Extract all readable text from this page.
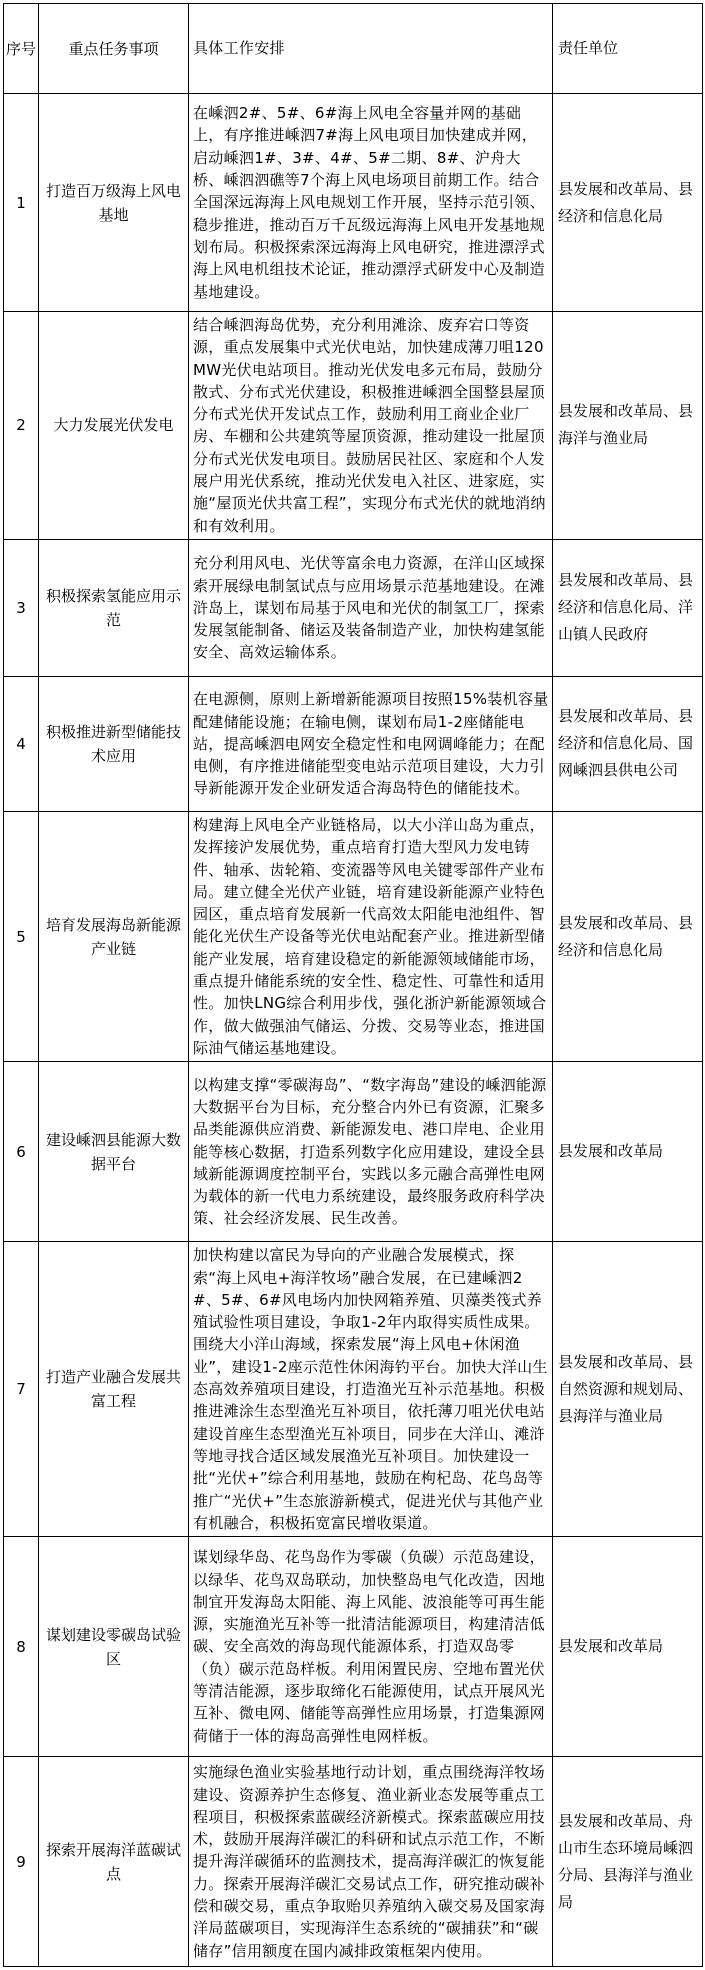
序号	重点任务事项	具体工作安排	责任单位
1	打造百万级海上风电基地	在嵊泗2#、5#、6#海上风电全容量并网的基础上，有序推进嵊泗7#海上风电项目加快建成并网，启动嵊泗1#、3#、4#、5#二期、8#、沪舟大桥、嵊泗泗礁等7个海上风电场项目前期工作。结合全国深远海海上风电规划工作开展，坚持示范引领、稳步推进，推动百万千瓦级远海海上风电开发基地规划布局。积极探索深远海海上风电研究，推进漂浮式海上风电机组技术论证，推动漂浮式研发中心及制造基地建设。	县发展和改革局、县经济和信息化局
2	大力发展光伏发电	结合嵊泗海岛优势，充分利用滩涂、废弃宕口等资源，重点发展集中式光伏电站，加快建成薄刀咀120MW光伏电站项目。推动光伏发电多元布局，鼓励分散式、分布式光伏建设，积极推进嵊泗全国整县屋顶分布式光伏开发试点工作，鼓励利用工商业企业厂房、车棚和公共建筑等屋顶资源，推动建设一批屋顶分布式光伏发电项目。鼓励居民社区、家庭和个人发展户用光伏系统，推动光伏发电入社区、进家庭，实施“屋顶光伏共富工程”，实现分布式光伏的就地消纳和有效利用。	县发展和改革局、县海洋与渔业局
3	积极探索氢能应用示范	充分利用风电、光伏等富余电力资源，在洋山区域探索开展绿电制氢试点与应用场景示范基地建设。在滩浒岛上，谋划布局基于风电和光伏的制氢工厂，探索发展氢能制备、储运及装备制造产业，加快构建氢能安全、高效运输体系。	县发展和改革局、县经济和信息化局、洋山镇人民政府
4	积极推进新型储能技术应用	在电源侧，原则上新增新能源项目按照15%装机容量配建储能设施；在输电侧，谋划布局1-2座储能电站，提高嵊泗电网安全稳定性和电网调峰能力；在配电侧，有序推进储能型变电站示范项目建设，大力引导新能源开发企业研发适合海岛特色的储能技术。	县发展和改革局、县经济和信息化局、国网嵊泗县供电公司
5	培育发展海岛新能源产业链	构建海上风电全产业链格局，以大小洋山岛为重点，发挥接沪发展优势，重点培育打造大型风力发电铸件、轴承、齿轮箱、变流器等风电关键零部件产业布局。建立健全光伏产业链，培育建设新能源产业特色园区，重点培育发展新一代高效太阳能电池组件、智能化光伏生产设备等光伏电站配套产业。推进新型储能产业发展，培育建设稳定的新能源领域储能市场，重点提升储能系统的安全性、稳定性、可靠性和适用性。加快LNG综合利用步伐，强化浙沪新能源领域合作，做大做强油气储运、分拨、交易等业态，推进国际油气储运基地建设。	县发展和改革局、县经济和信息化局
6	建设嵊泗县能源大数据平台	以构建支撑“零碳海岛”、“数字海岛”建设的嵊泗能源大数据平台为目标，充分整合内外已有资源，汇聚多品类能源供应消费、新能源发电、港口岸电、企业用能等核心数据，打造系列数字化应用建设，建设全县域新能源调度控制平台，实践以多元融合高弹性电网为载体的新一代电力系统建设，最终服务政府科学决策、社会经济发展、民生改善。	县发展和改革局
7	打造产业融合发展共富工程	加快构建以富民为导向的产业融合发展模式，探索“海上风电+海洋牧场”融合发展，在已建嵊泗2#、5#、6#风电场内加快网箱养殖、贝藻类筏式养殖试验性项目建设，争取1-2年内取得实质性成果。围绕大小洋山海域，探索发展“海上风电+休闲渔业”，建设1-2座示范性休闲海钓平台。加快大洋山生态高效养殖项目建设，打造渔光互补示范基地。积极推进滩涂生态型渔光互补项目，依托薄刀咀光伏电站建设首座生态型渔光互补项目，同步在大洋山、滩浒等地寻找合适区域发展渔光互补项目。加快建设一批“光伏+”综合利用基地，鼓励在枸杞岛、花鸟岛等推广“光伏+”生态旅游新模式，促进光伏与其他产业有机融合，积极拓宽富民增收渠道。	县发展和改革局、县自然资源和规划局、县海洋与渔业局
8	谋划建设零碳岛试验区	谋划绿华岛、花鸟岛作为零碳（负碳）示范岛建设，以绿华、花鸟双岛联动，加快整岛电气化改造，因地制宜开发海岛太阳能、海上风能、波浪能等可再生能源，实施渔光互补等一批清洁能源项目，构建清洁低碳、安全高效的海岛现代能源体系，打造双岛零（负）碳示范岛样板。利用闲置民房、空地布置光伏等清洁能源，逐步取缔化石能源使用，试点开展风光互补、微电网、储能等高弹性应用场景，打造集源网荷储于一体的海岛高弹性电网样板。	县发展和改革局
9	探索开展海洋蓝碳试点	实施绿色渔业实验基地行动计划，重点围绕海洋牧场建设、资源养护生态修复、渔业新业态发展等重点工程项目，积极探索蓝碳经济新模式。探索蓝碳应用技术，鼓励开展海洋碳汇的科研和试点示范工作，不断提升海洋碳循环的监测技术，提高海洋碳汇的恢复能力。探索开展海洋碳汇交易试点工作，研究推动碳补偿和碳交易，重点争取贻贝养殖纳入碳交易及国家海洋局蓝碳项目，实现海洋生态系统的“碳捕获”和“碳储存”信用额度在国内减排政策框架内使用。	县发展和改革局、舟山市生态环境局嵊泗分局、县海洋与渔业局
